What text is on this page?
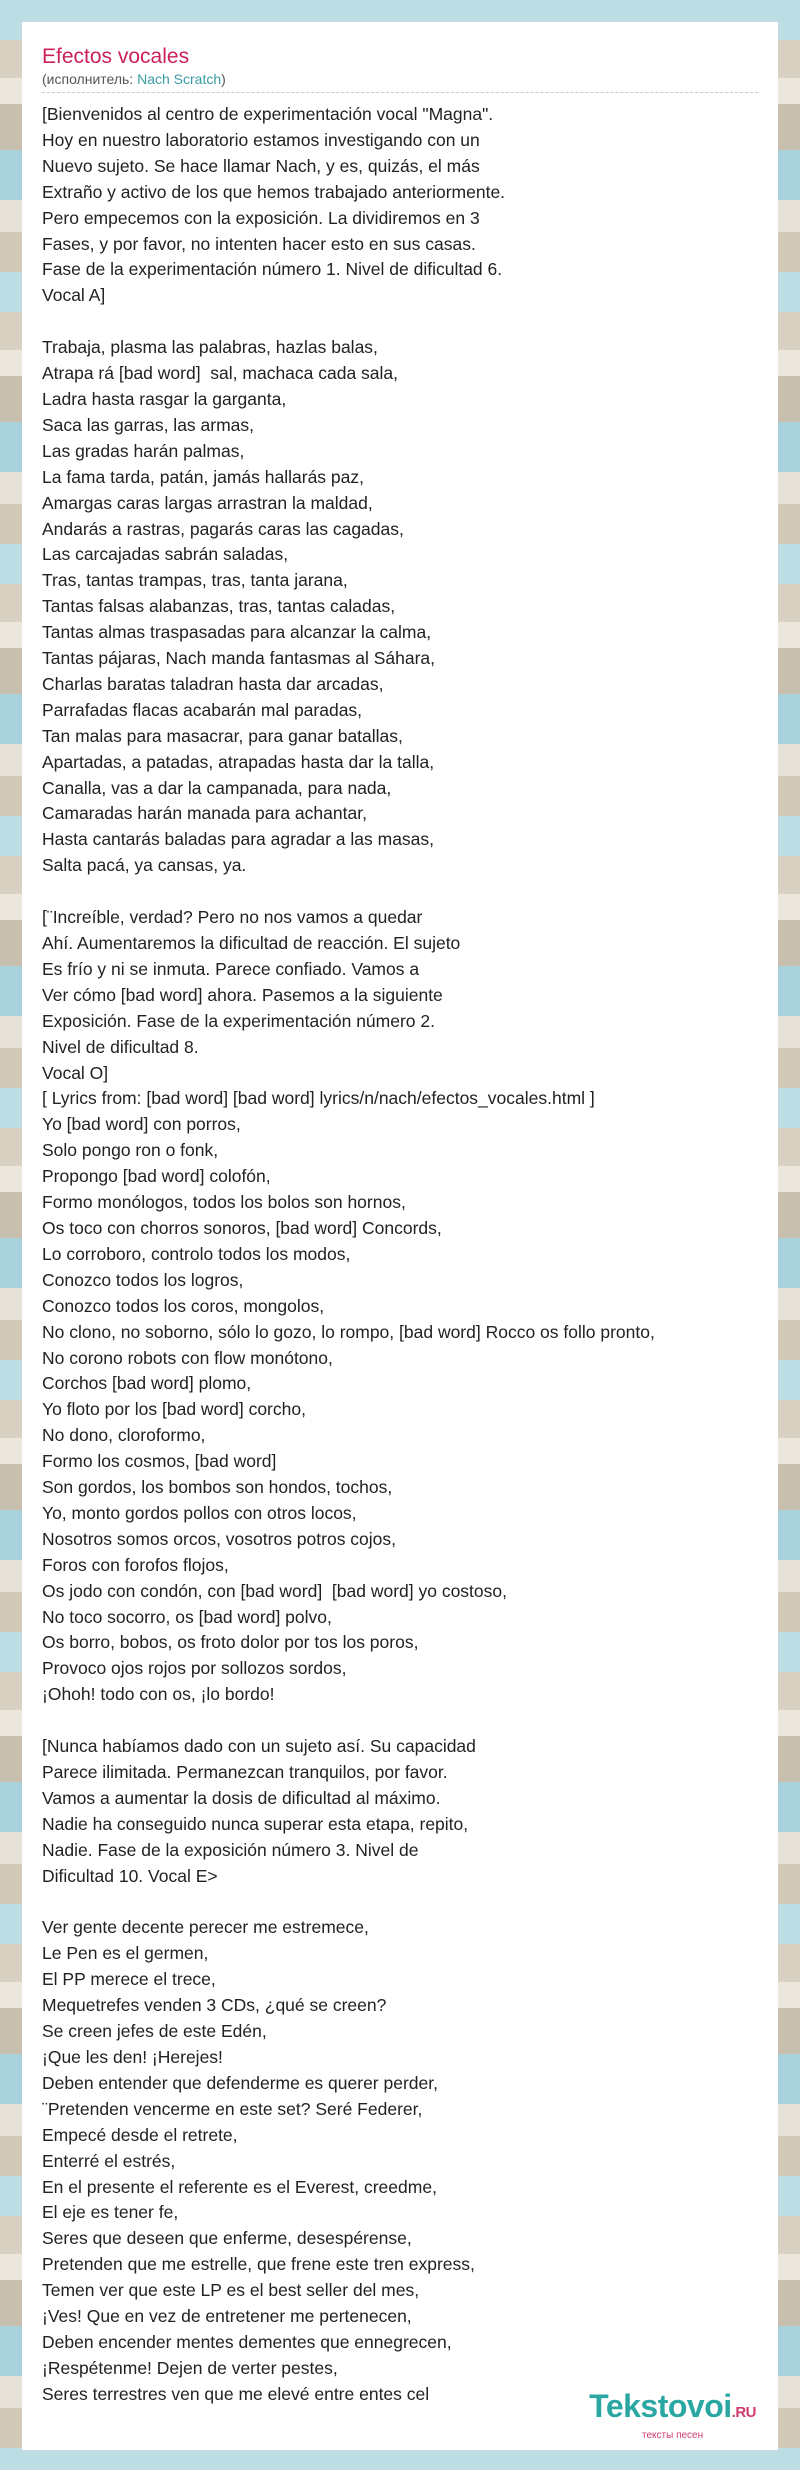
Efectos vocales
(исполнитель: Nach Scratch)
[Bienvenidos al centro de experimentación vocal "Magna".
Hoy en nuestro laboratorio estamos investigando con un
Nuevo sujeto. Se hace llamar Nach, y es, quizás, el más
Extraño y activo de los que hemos trabajado anteriormente.
Pero empecemos con la exposición. La dividiremos en 3
Fases, y por favor, no intenten hacer esto en sus casas.
Fase de la experimentación número 1. Nivel de dificultad 6.
Vocal A]

Trabaja, plasma las palabras, hazlas balas,
Atrapa rá [bad word]  sal, machaca cada sala,
Ladra hasta rasgar la garganta,
Saca las garras, las armas,
Las gradas harán palmas,
La fama tarda, patán, jamás hallarás paz,
Amargas caras largas arrastran la maldad,
Andarás a rastras, pagarás caras las cagadas,
Las carcajadas sabrán saladas,
Tras, tantas trampas, tras, tanta jarana,
Tantas falsas alabanzas, tras, tantas caladas,
Tantas almas traspasadas para alcanzar la calma,
Tantas pájaras, Nach manda fantasmas al Sáhara,
Charlas baratas taladran hasta dar arcadas,
Parrafadas flacas acabarán mal paradas,
Tan malas para masacrar, para ganar batallas,
Apartadas, a patadas, atrapadas hasta dar la talla,
Canalla, vas a dar la campanada, para nada,
Camaradas harán manada para achantar,
Hasta cantarás baladas para agradar a las masas,
Salta pacá, ya cansas, ya.

[¨Increíble, verdad? Pero no nos vamos a quedar
Ahí. Aumentaremos la dificultad de reacción. El sujeto
Es frío y ni se inmuta. Parece confiado. Vamos a
Ver cómo [bad word] ahora. Pasemos a la siguiente
Exposición. Fase de la experimentación número 2.
Nivel de dificultad 8.
Vocal O]
[ Lyrics from: [bad word] [bad word] lyrics/n/nach/efectos_vocales.html ]
Yo [bad word] con porros,
Solo pongo ron o fonk,
Propongo [bad word] colofón,
Formo monólogos, todos los bolos son hornos,
Os toco con chorros sonoros, [bad word] Concords,
Lo corroboro, controlo todos los modos,
Conozco todos los logros,
Conozco todos los coros, mongolos,
No clono, no soborno, sólo lo gozo, lo rompo, [bad word] Rocco os follo pronto,
No corono robots con flow monótono,
Corchos [bad word] plomo,
Yo floto por los [bad word] corcho,
No dono, cloroformo,
Formo los cosmos, [bad word]
Son gordos, los bombos son hondos, tochos,
Yo, monto gordos pollos con otros locos,
Nosotros somos orcos, vosotros potros cojos,
Foros con forofos flojos,
Os jodo con condón, con [bad word]  [bad word] yo costoso,
No toco socorro, os [bad word] polvo,
Os borro, bobos, os froto dolor por tos los poros,
Provoco ojos rojos por sollozos sordos,
¡Ohoh! todo con os, ¡lo bordo!

[Nunca habíamos dado con un sujeto así. Su capacidad
Parece ilimitada. Permanezcan tranquilos, por favor.
Vamos a aumentar la dosis de dificultad al máximo.
Nadie ha conseguido nunca superar esta etapa, repito,
Nadie. Fase de la exposición número 3. Nivel de
Dificultad 10. Vocal E>

Ver gente decente perecer me estremece,
Le Pen es el germen,
El PP merece el trece,
Mequetrefes venden 3 CDs, ¿qué se creen?
Se creen jefes de este Edén,
¡Que les den! ¡Herejes!
Deben entender que defenderme es querer perder,
¨Pretenden vencerme en este set? Seré Federer,
Empecé desde el retrete,
Enterré el estrés,
En el presente el referente es el Everest, creedme,
El eje es tener fe,
Seres que deseen que enferme, desespérense,
Pretenden que me estrelle, que frene este tren express,
Temen ver que este LP es el best seller del mes,
¡Ves! Que en vez de entretener me pertenecen,
Deben encender mentes dementes que ennegrecen,
¡Respétenme! Dejen de verter pestes,
Seres terrestres ven que me elevé entre entes cel	Tekstovoi.RU
тексты песен
